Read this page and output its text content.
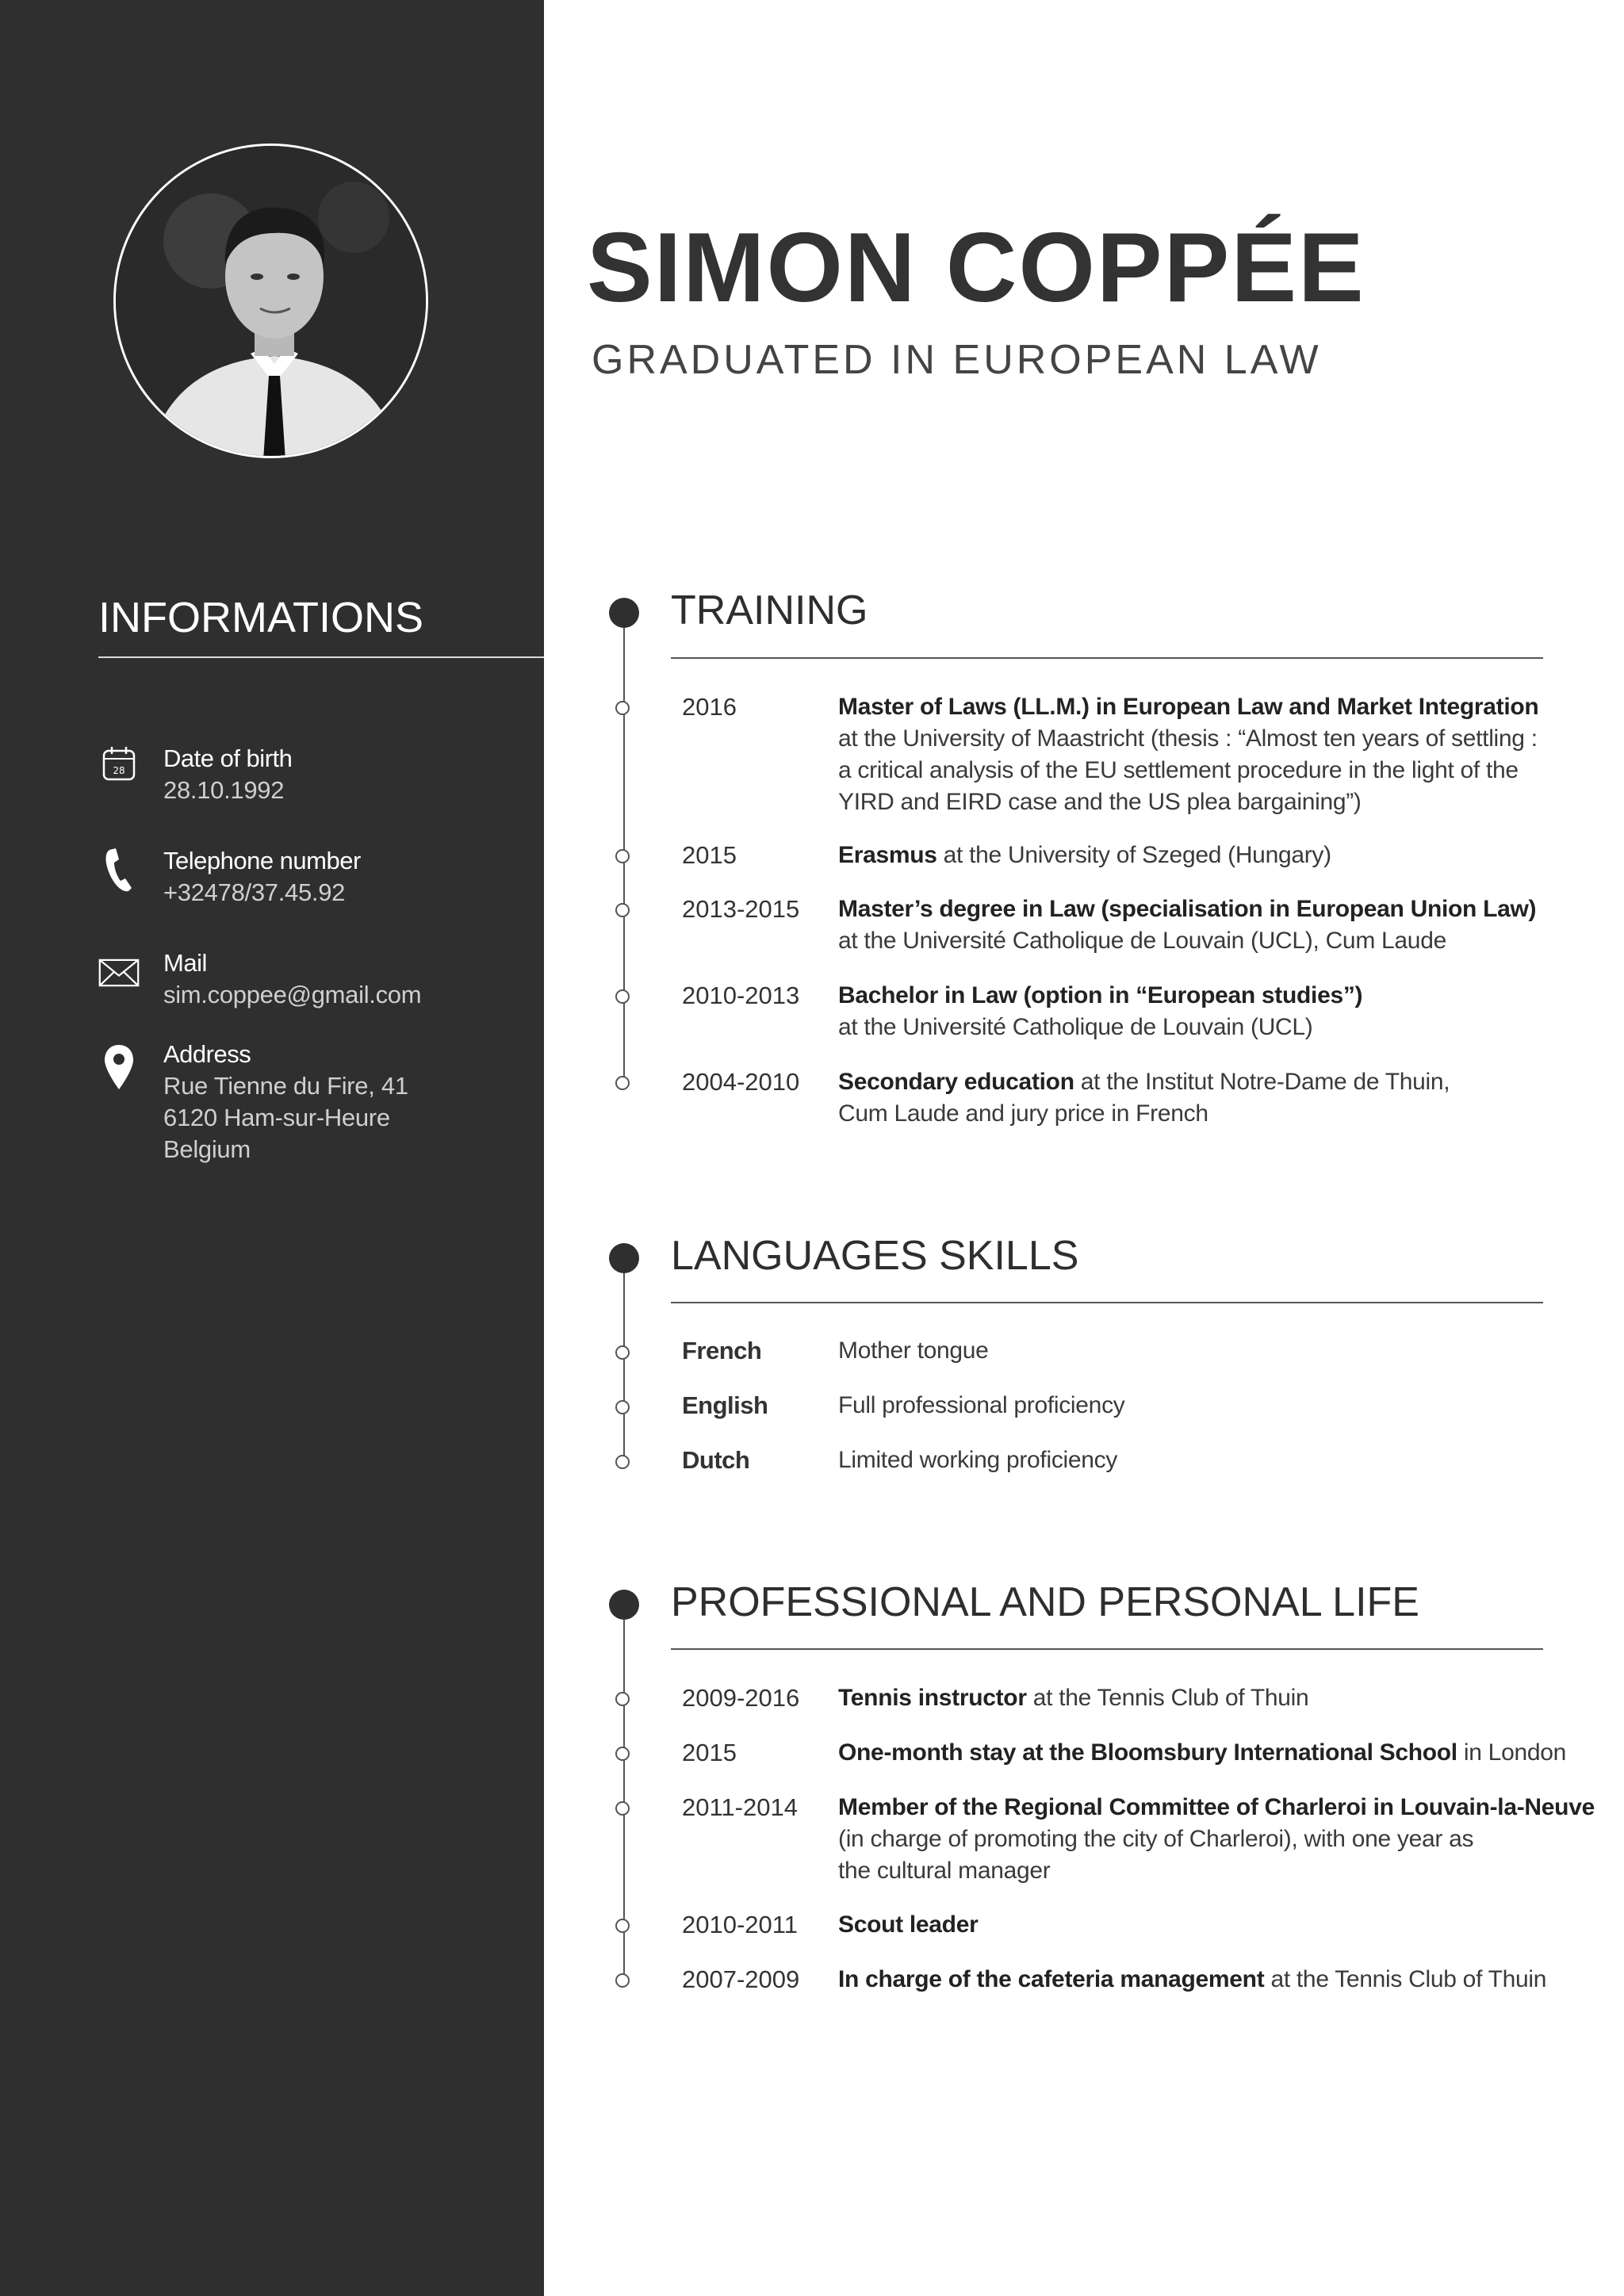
INFORMATIONS
28 Date of birth
28.10.1992
Telephone number
+32478/37.45.92
Mail
sim.coppee@gmail.com
Address
Rue Tienne du Fire, 41
6120 Ham-sur-Heure
Belgium
SIMON COPPÉE
GRADUATED IN EUROPEAN LAW
TRAINING
2016	Master of Laws (LL.M.) in European Law and Market Integration
at the University of Maastricht (thesis : “Almost ten years of settling :
a critical analysis of the EU settlement procedure in the light of the
YIRD and EIRD case and the US plea bargaining”)
2015	Erasmus at the University of Szeged (Hungary)
2013-2015 Master’s degree in Law (specialisation in European Union Law)
at the Université Catholique de Louvain (UCL), Cum Laude
2010-2013 Bachelor in Law (option in “European studies”)
at the Université Catholique de Louvain (UCL)
2004-2010 Secondary education at the Institut Notre-Dame de Thuin,
Cum Laude and jury price in French
LANGUAGES SKILLS
French	Mother tongue
English	Full professional proficiency
Dutch	Limited working proficiency
PROFESSIONAL AND PERSONAL LIFE
2009-2016 Tennis instructor at the Tennis Club of Thuin
2015	One-month stay at the Bloomsbury International School in London
2011-2014 Member of the Regional Committee of Charleroi in Louvain-la-Neuve
(in charge of promoting the city of Charleroi), with one year as
the cultural manager
2010-2011 Scout leader
2007-2009 In charge of the cafeteria management at the Tennis Club of Thuin
